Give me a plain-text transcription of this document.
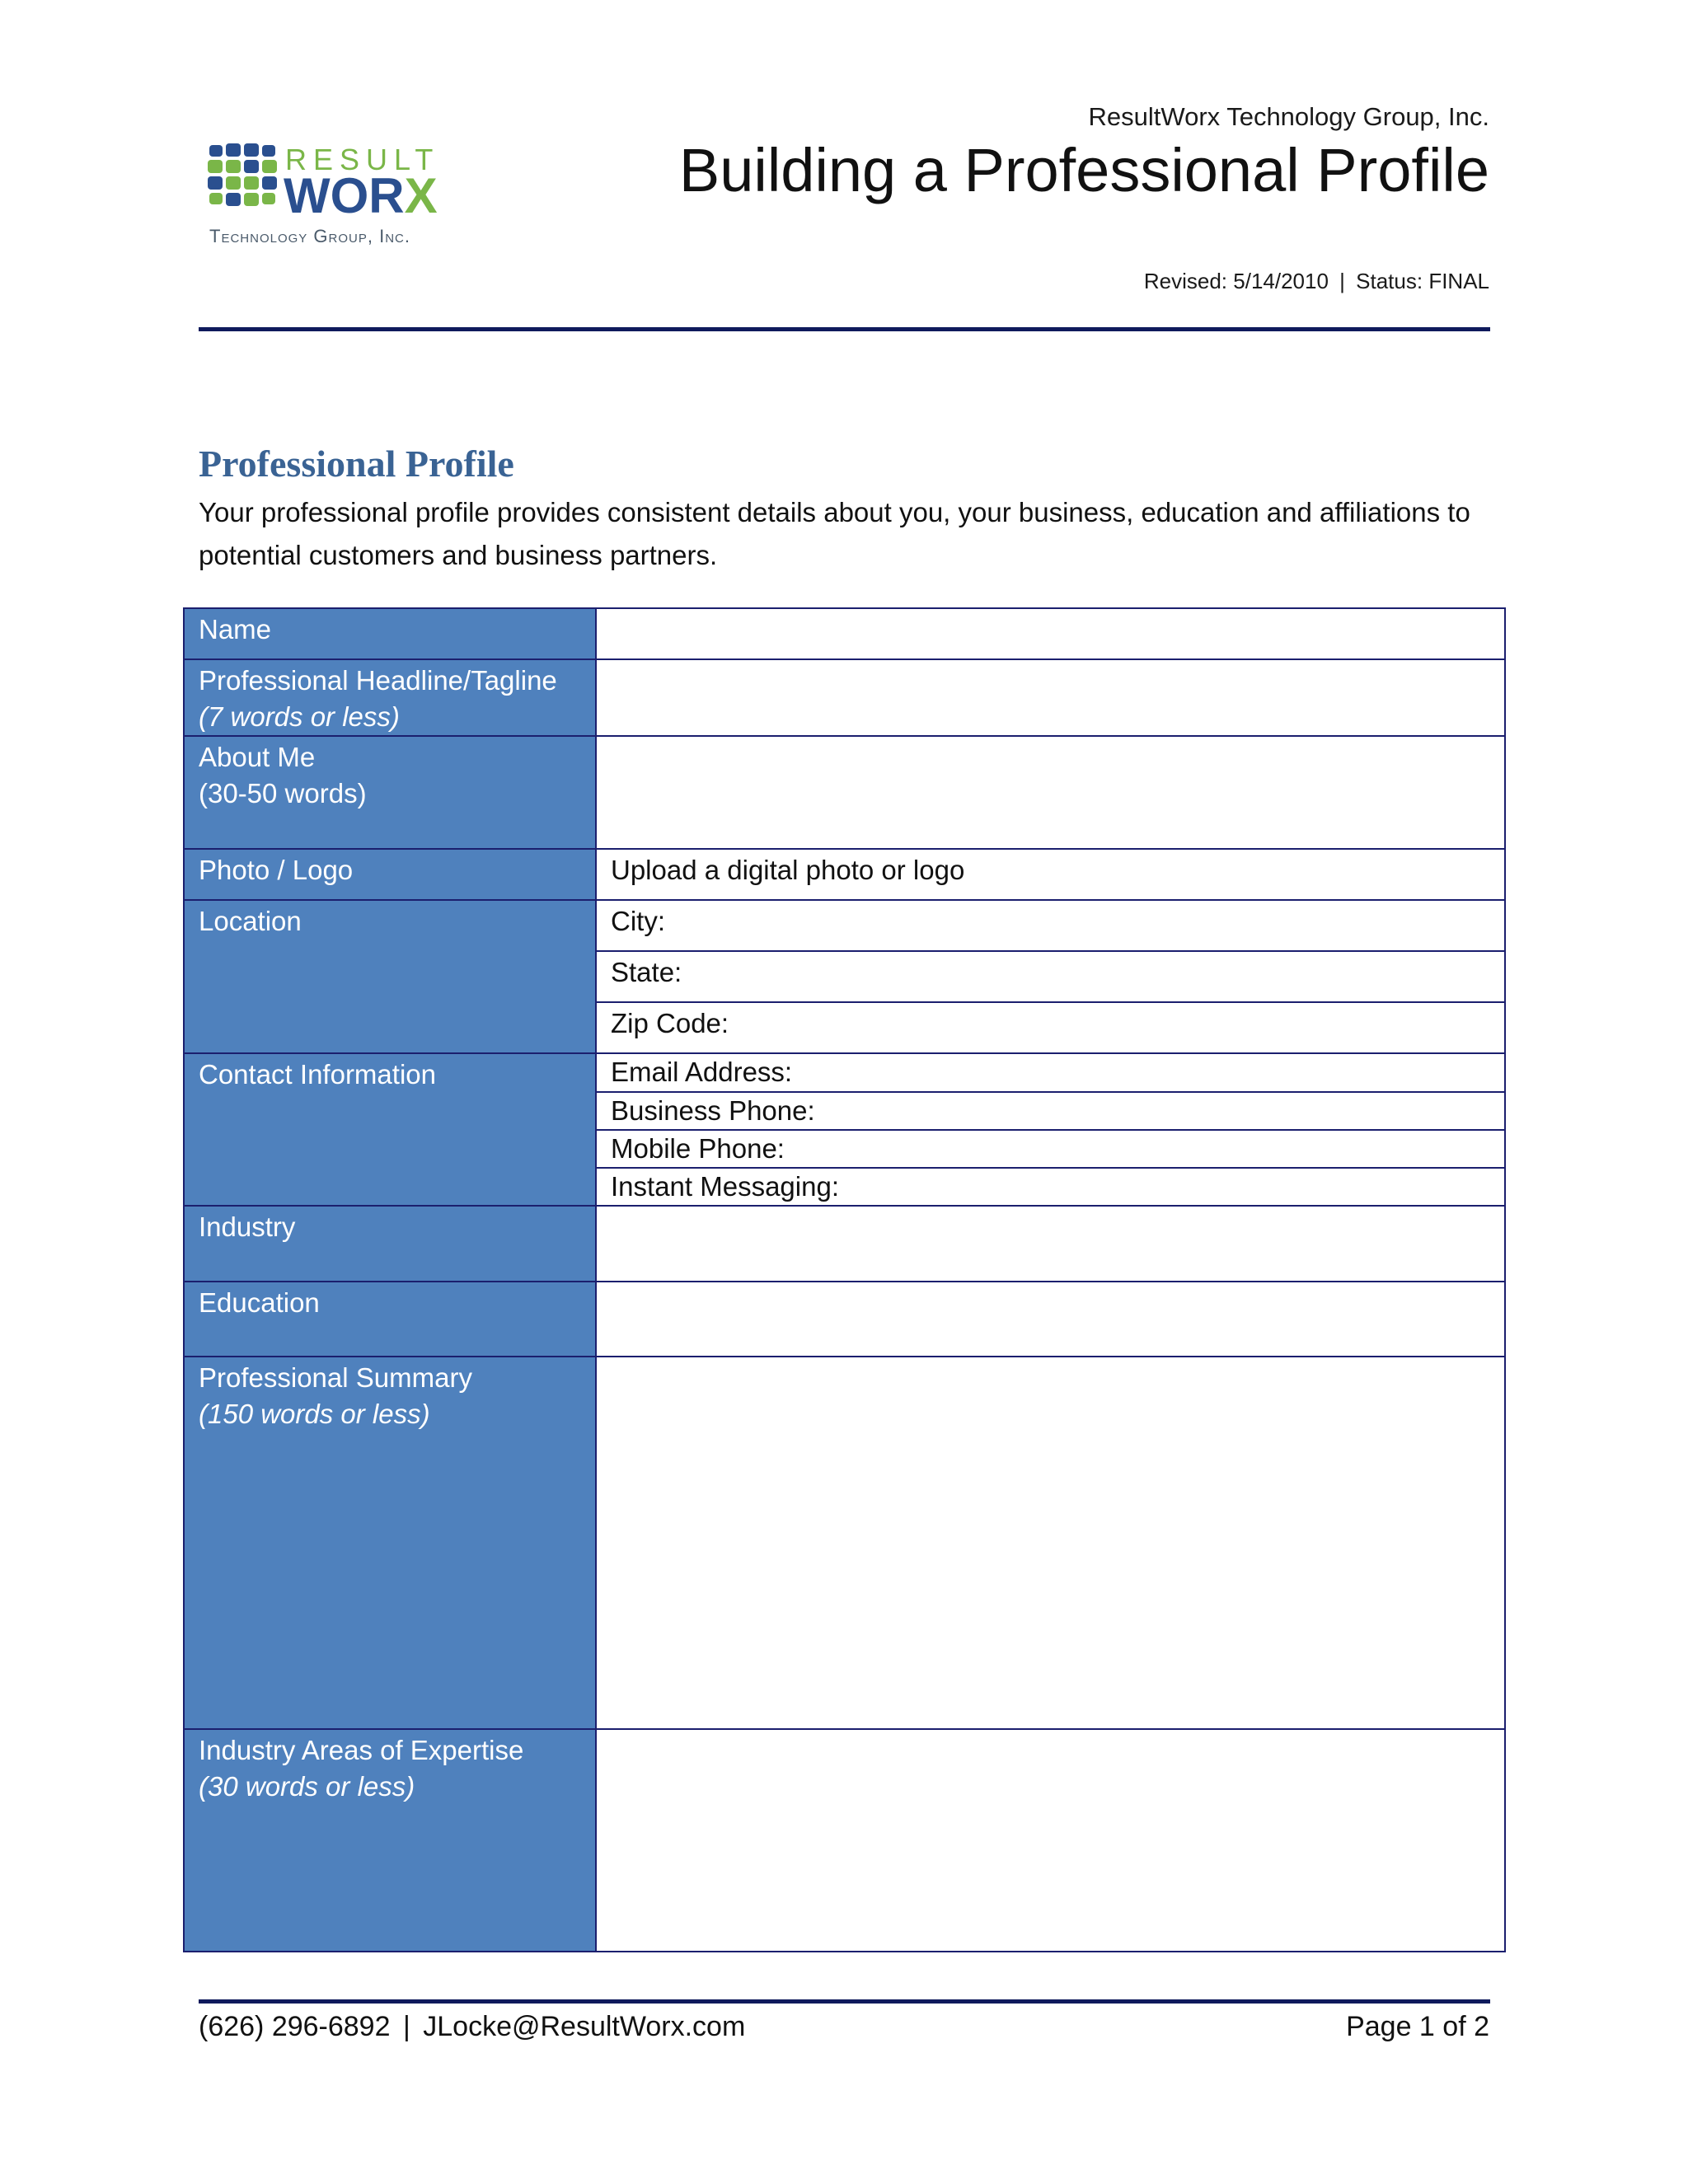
RESULT
WORX
Technology Group, Inc.
ResultWorx Technology Group, Inc.
Building a Professional Profile
Revised: 5/14/2010 | Status: FINAL
Professional Profile
Your professional profile provides consistent details about you, your business, education and affiliations to potential customers and business partners.
Name	
Professional Headline/Tagline
(7 words or less)	

About Me
(30-50 words)	

Photo / Logo	Upload a digital photo or logo
Location	City:
	State:
	Zip Code:
Contact Information	Email Address:
	Business Phone:
	Mobile Phone:
	Instant Messaging:
Industry	
Education	
Professional Summary
(150 words or less)	

Industry Areas of Expertise
(30 words or less)	

(626) 296-6892 | JLocke@ResultWorx.com	Page 1 of 2
